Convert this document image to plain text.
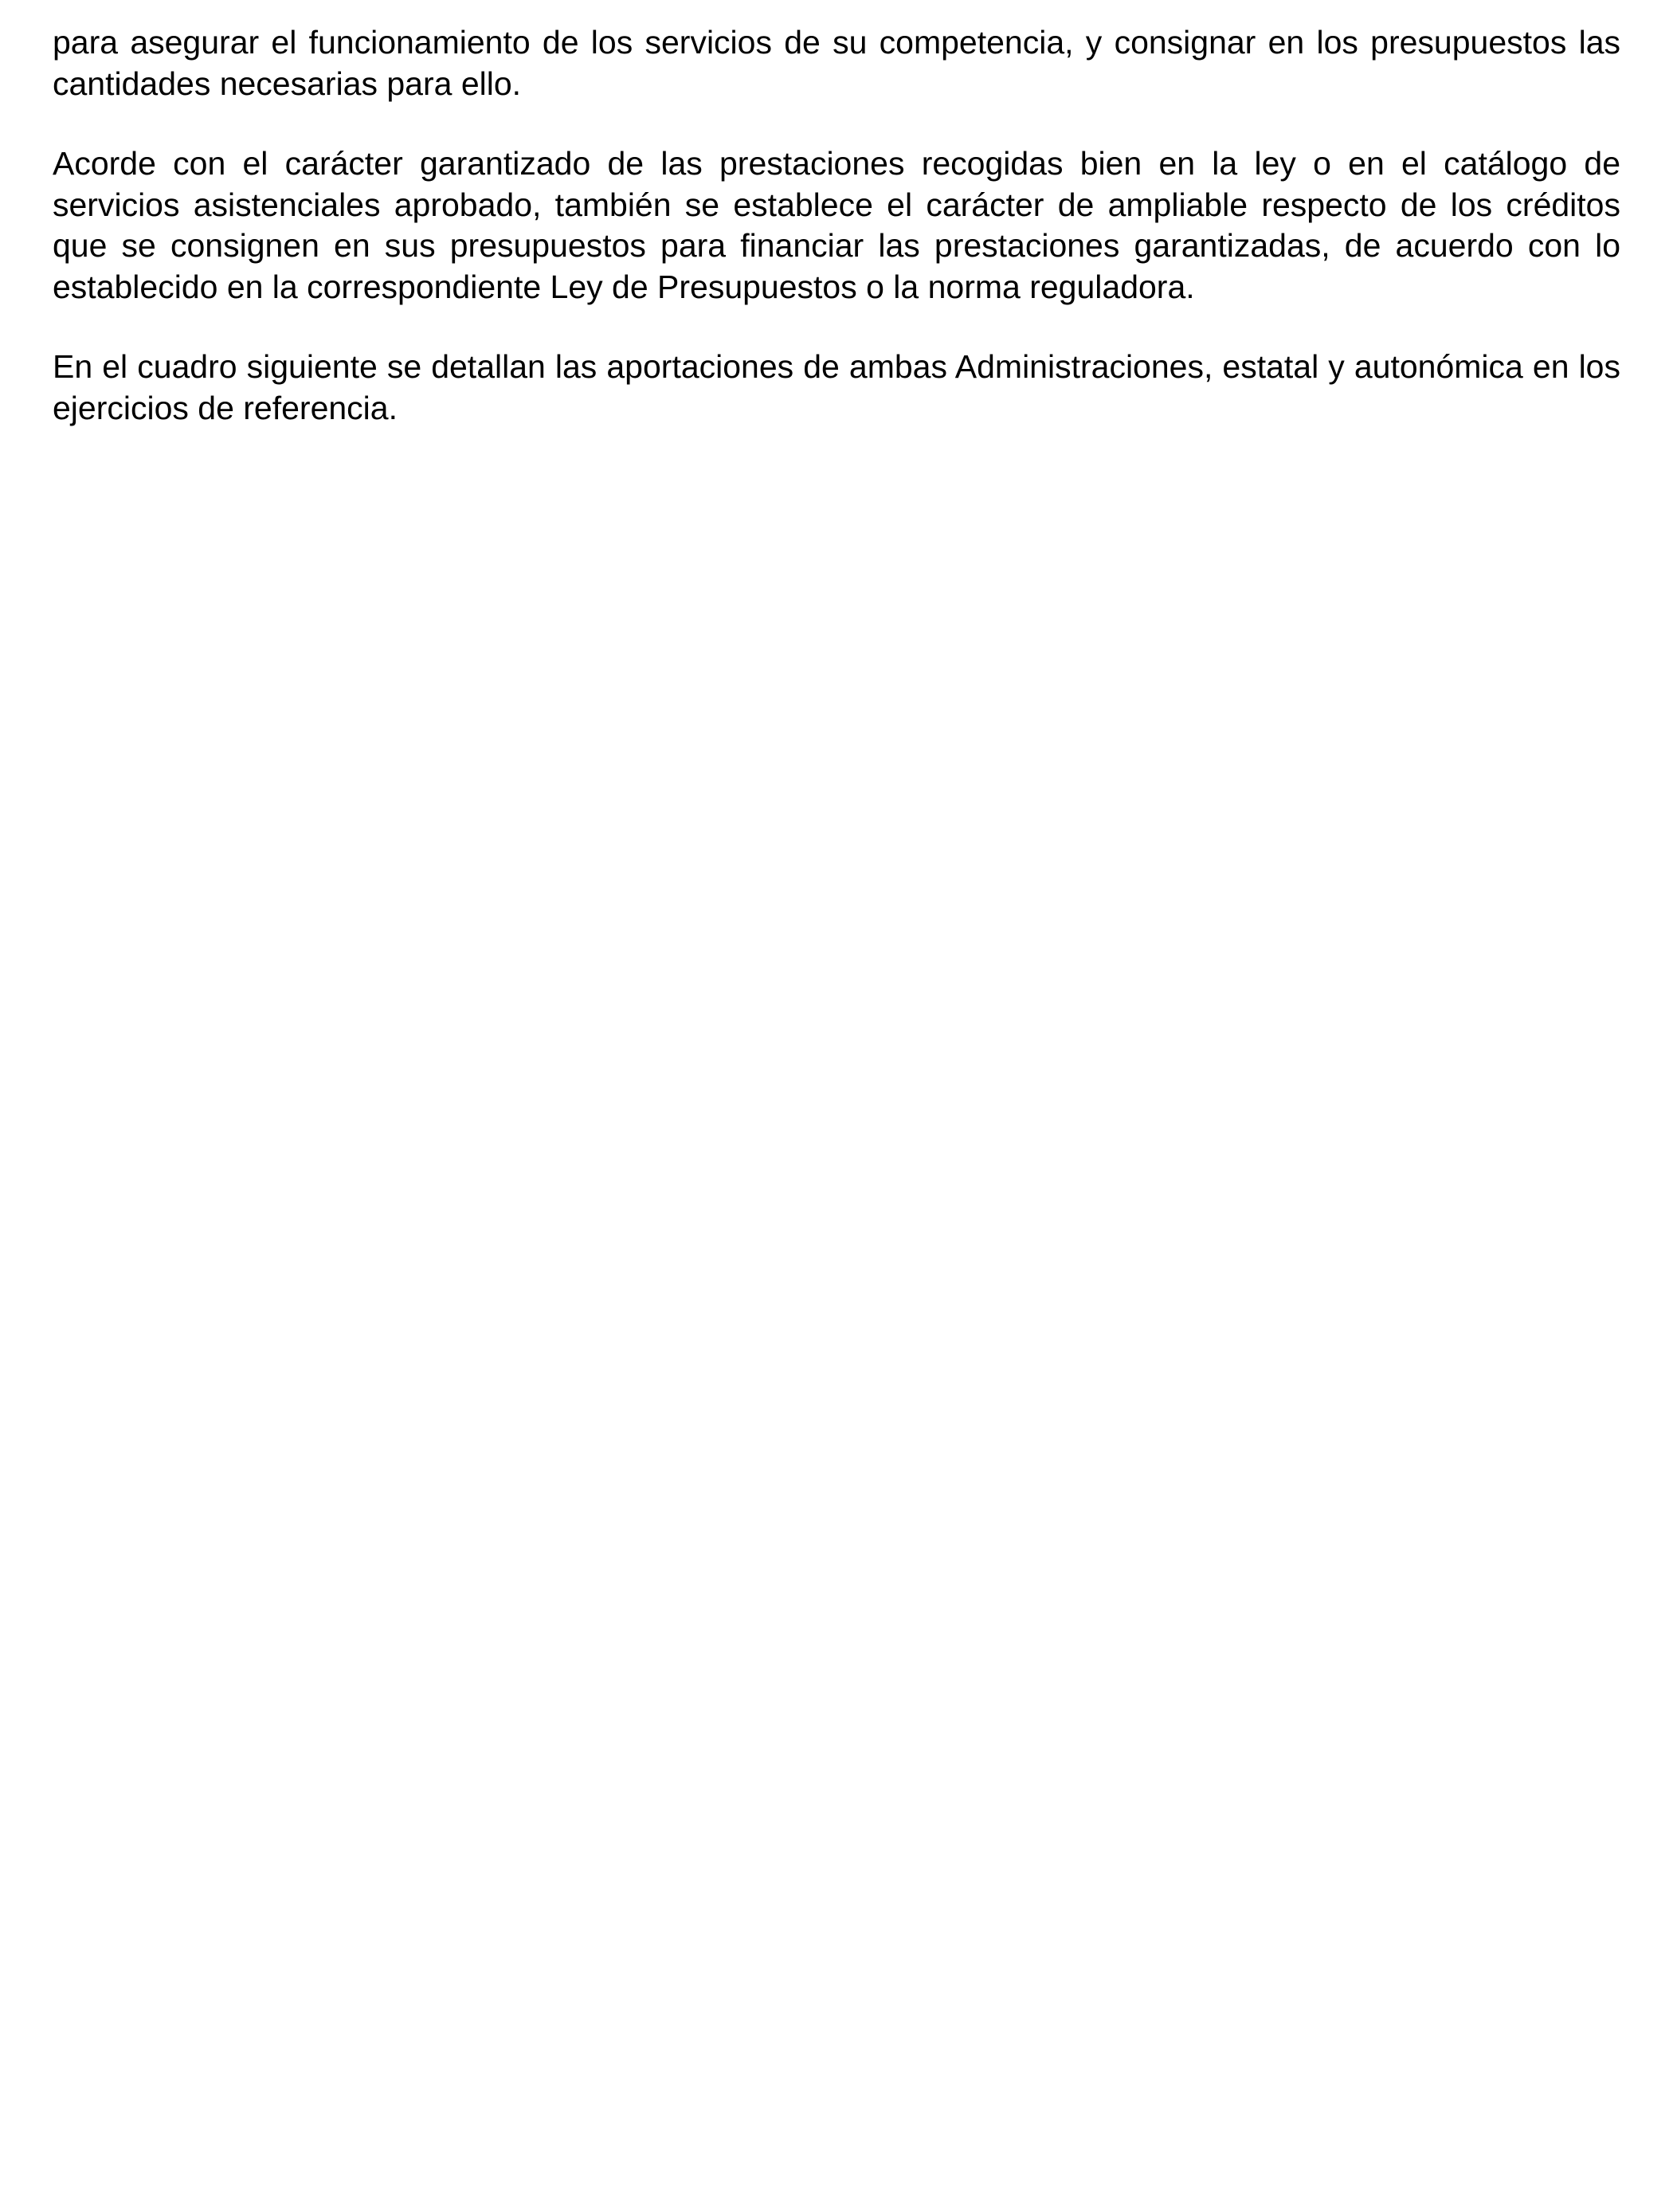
para asegurar el funcionamiento de los servicios de su competencia, y consignar en los presupuestos las cantidades necesarias para ello.

Acorde con el carácter garantizado de las prestaciones recogidas bien en la ley o en el catálogo de servicios asistenciales aprobado, también se establece el carácter de ampliable respecto de los créditos que se consignen en sus presupuestos para financiar las prestaciones garantizadas, de acuerdo con lo establecido en la correspondiente Ley de Presupuestos o la norma reguladora.

En el cuadro siguiente se detallan las aportaciones de ambas Administraciones, estatal y autonómica en los ejercicios de referencia.
